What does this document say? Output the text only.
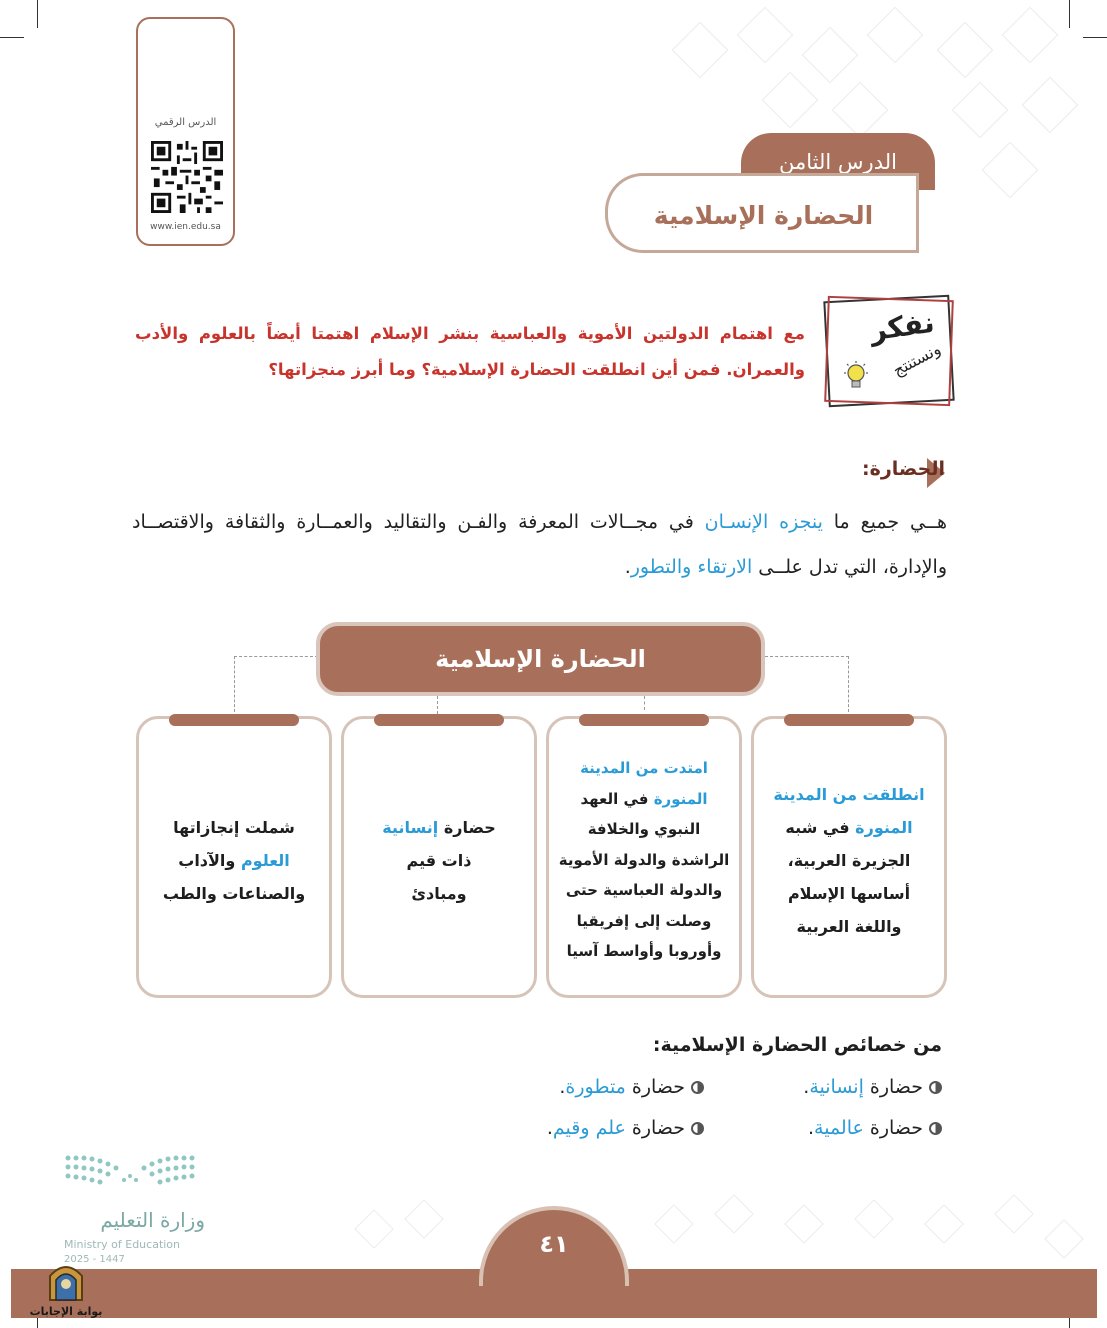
الدرس الرقمي
www.ien.edu.sa
الدرس الثامن
الحضارة الإسلامية
نفكر
ونستنتج
مع اهتمام الدولتين الأموية والعباسية بنشر الإسلام اهتمتا أيضاً بالعلوم والأدب والعمران. فمن أين انطلقت الحضارة الإسلامية؟ وما أبرز منجزاتها؟
الحضارة:
هــي جميع ما ينجزه الإنسـان في مجــالات المعرفة والفـن والتقاليد والعمــارة والثقافة والاقتصــاد والإدارة، التي تدل علــى الارتقاء والتطور.
الحضارة الإسلامية
انطلقت من المدينة المنورة في شبه الجزيرة العربية، أساسها الإسلام واللغة العربية
امتدت من المدينة المنورة في العهد النبوي والخلافة الراشدة والدولة الأموية والدولة العباسية حتى وصلت إلى إفريقيا وأوروبا وأواسط آسيا
حضارة إنسانية ذات قيم ومبادئ
شملت إنجازاتها العلوم والآداب والصناعات والطب
من خصائص الحضارة الإسلامية:
حضارة
إنسانية.
حضارة
متطورة.
حضارة
عالمية.
حضارة
علم وقيم.
وزارة التعليم
Ministry of Education
2025 - 1447
٤١
بوابة الإجابات
